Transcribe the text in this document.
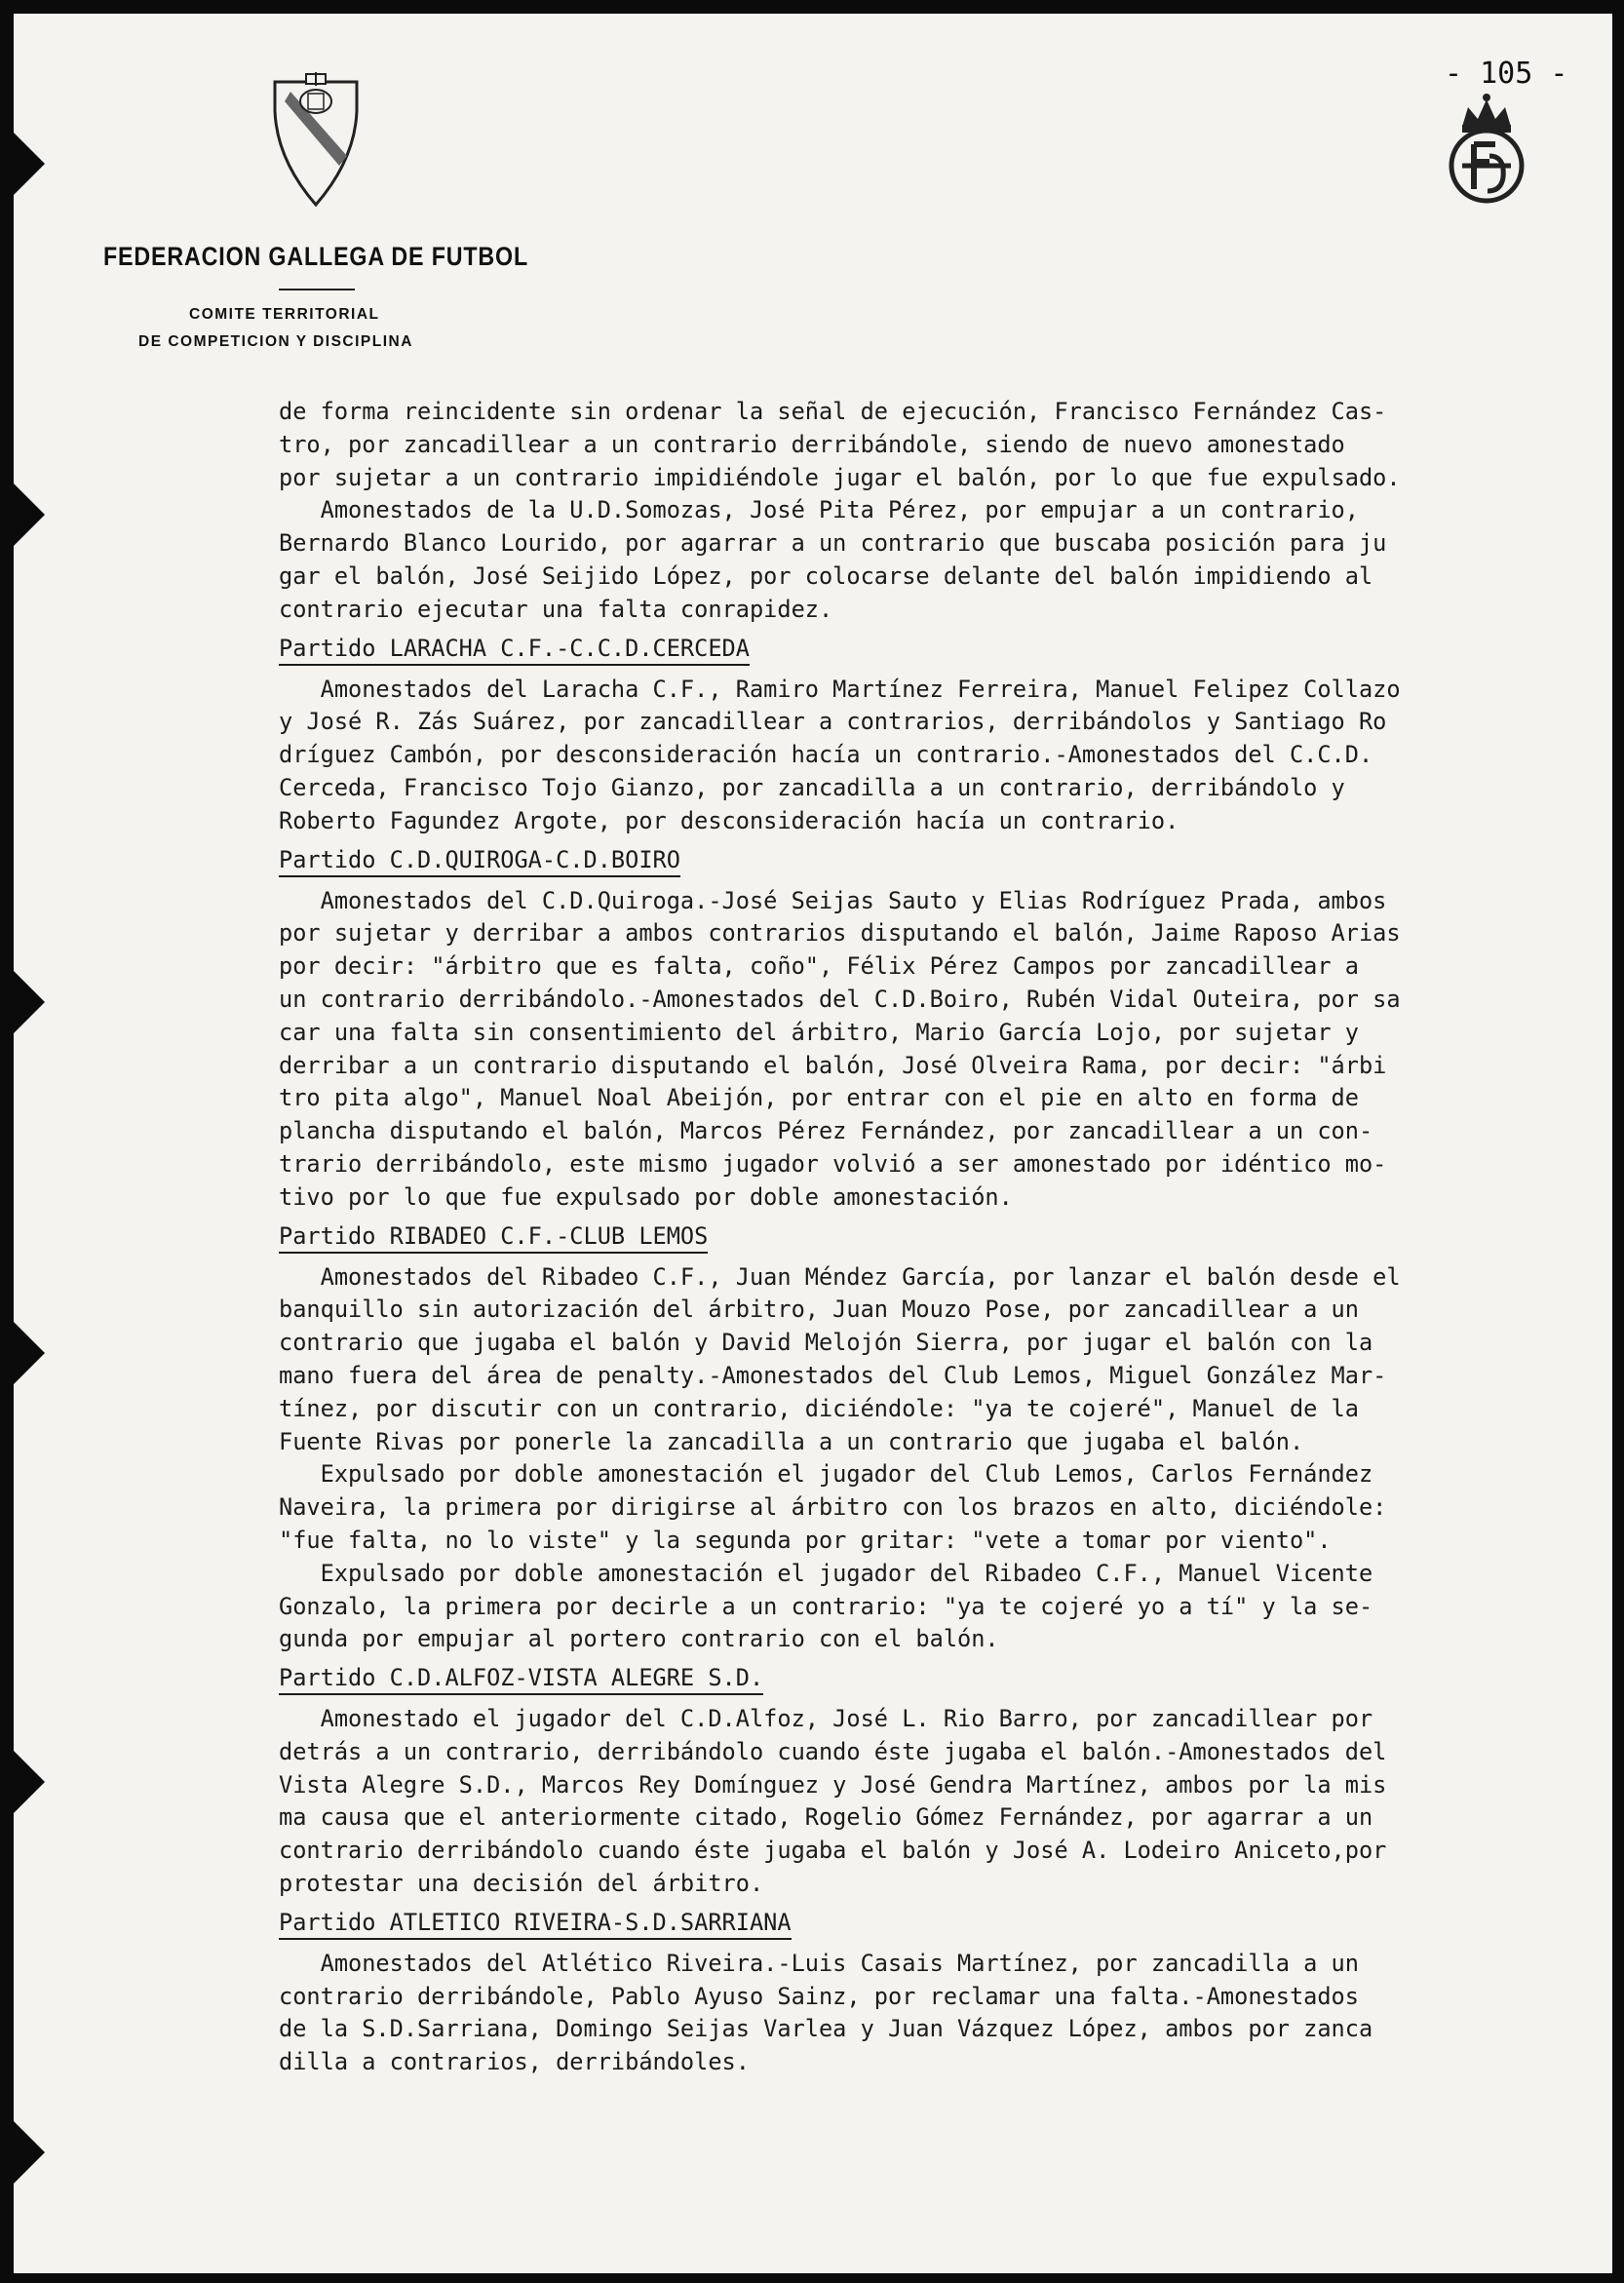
FEDERACION GALLEGA DE FUTBOL
COMITE TERRITORIAL
DE COMPETICION Y DISCIPLINA
- 105 -
de forma reincidente sin ordenar la señal de ejecución, Francisco Fernández Cas-
tro, por zancadillear a un contrario derribándole, siendo de nuevo amonestado
por sujetar a un contrario impidiéndole jugar el balón, por lo que fue expulsado.
Amonestados de la U.D.Somozas, José Pita Pérez, por empujar a un contrario,
Bernardo Blanco Lourido, por agarrar a un contrario que buscaba posición para ju
gar el balón, José Seijido López, por colocarse delante del balón impidiendo al
contrario ejecutar una falta conrapidez.
Partido LARACHA C.F.-C.C.D.CERCEDA
Amonestados del Laracha C.F., Ramiro Martínez Ferreira, Manuel Felipez Collazo
y José R. Zás Suárez, por zancadillear a contrarios, derribándolos y Santiago Ro
dríguez Cambón, por desconsideración hacía un contrario.-Amonestados del C.C.D.
Cerceda, Francisco Tojo Gianzo, por zancadilla a un contrario, derribándolo y
Roberto Fagundez Argote, por desconsideración hacía un contrario.
Partido C.D.QUIROGA-C.D.BOIRO
Amonestados del C.D.Quiroga.-José Seijas Sauto y Elias Rodríguez Prada, ambos
por sujetar y derribar a ambos contrarios disputando el balón, Jaime Raposo Arias
por decir: "árbitro que es falta, coño", Félix Pérez Campos por zancadillear a
un contrario derribándolo.-Amonestados del C.D.Boiro, Rubén Vidal Outeira, por sa
car una falta sin consentimiento del árbitro, Mario García Lojo, por sujetar y
derribar a un contrario disputando el balón, José Olveira Rama, por decir: "árbi
tro pita algo", Manuel Noal Abeijón, por entrar con el pie en alto en forma de
plancha disputando el balón, Marcos Pérez Fernández, por zancadillear a un con-
trario derribándolo, este mismo jugador volvió a ser amonestado por idéntico mo-
tivo por lo que fue expulsado por doble amonestación.
Partido RIBADEO C.F.-CLUB LEMOS
Amonestados del Ribadeo C.F., Juan Méndez García, por lanzar el balón desde el
banquillo sin autorización del árbitro, Juan Mouzo Pose, por zancadillear a un
contrario que jugaba el balón y David Melojón Sierra, por jugar el balón con la
mano fuera del área de penalty.-Amonestados del Club Lemos, Miguel González Mar-
tínez, por discutir con un contrario, diciéndole: "ya te cojeré", Manuel de la
Fuente Rivas por ponerle la zancadilla a un contrario que jugaba el balón.
Expulsado por doble amonestación el jugador del Club Lemos, Carlos Fernández
Naveira, la primera por dirigirse al árbitro con los brazos en alto, diciéndole:
"fue falta, no lo viste" y la segunda por gritar: "vete a tomar por viento".
Expulsado por doble amonestación el jugador del Ribadeo C.F., Manuel Vicente
Gonzalo, la primera por decirle a un contrario: "ya te cojeré yo a tí" y la se-
gunda por empujar al portero contrario con el balón.
Partido C.D.ALFOZ-VISTA ALEGRE S.D.
Amonestado el jugador del C.D.Alfoz, José L. Rio Barro, por zancadillear por
detrás a un contrario, derribándolo cuando éste jugaba el balón.-Amonestados del
Vista Alegre S.D., Marcos Rey Domínguez y José Gendra Martínez, ambos por la mis
ma causa que el anteriormente citado, Rogelio Gómez Fernández, por agarrar a un
contrario derribándolo cuando éste jugaba el balón y José A. Lodeiro Aniceto,por
protestar una decisión del árbitro.
Partido ATLETICO RIVEIRA-S.D.SARRIANA
Amonestados del Atlético Riveira.-Luis Casais Martínez, por zancadilla a un
contrario derribándole, Pablo Ayuso Sainz, por reclamar una falta.-Amonestados
de la S.D.Sarriana, Domingo Seijas Varlea y Juan Vázquez López, ambos por zanca
dilla a contrarios, derribándoles.
